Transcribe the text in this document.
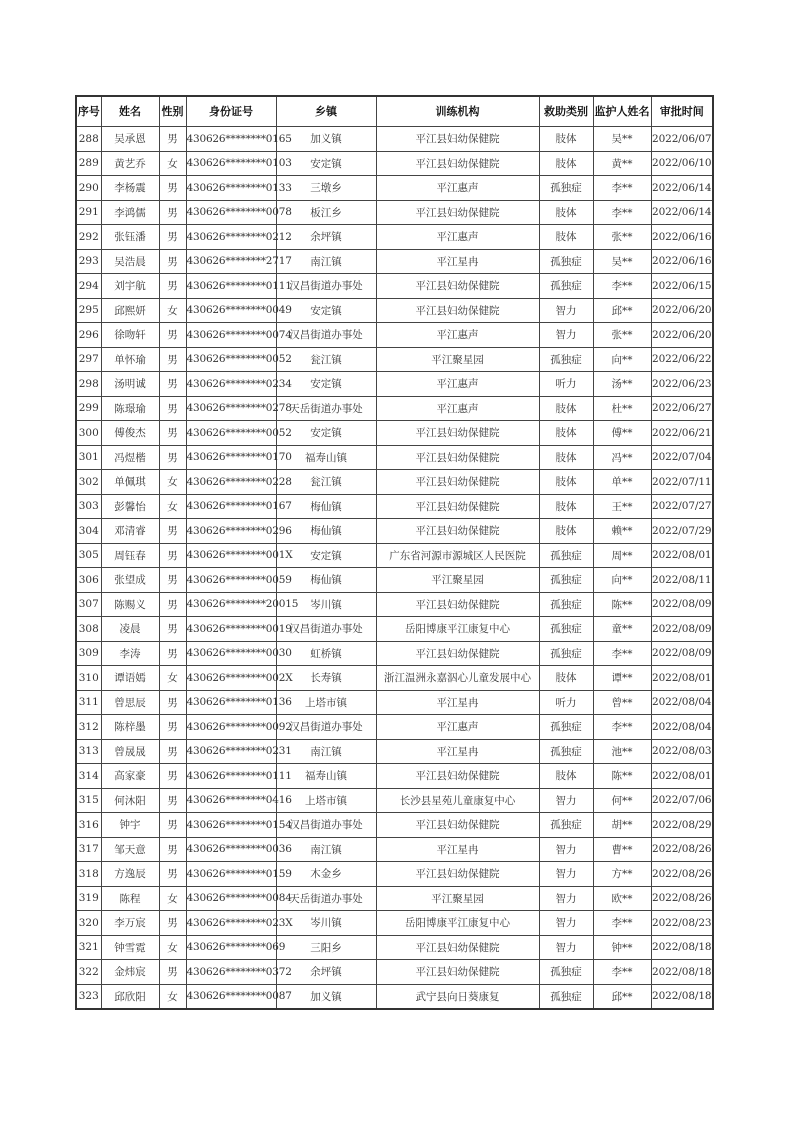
序号	姓名	性别	身份证号	乡镇	训练机构	救助类别	监护人姓名	审批时间
288	吴承恩	男	430626********0165	加义镇	平江县妇幼保健院	肢体	吴**	2022/06/07
289	黄艺乔	女	430626********0103	安定镇	平江县妇幼保健院	肢体	黄**	2022/06/10
290	李杨震	男	430626********0133	三墩乡	平江惠声	孤独症	李**	2022/06/14
291	李鸿儒	男	430626********0078	板江乡	平江县妇幼保健院	肢体	李**	2022/06/14
292	张钰潘	男	430626********0212	余坪镇	平江惠声	肢体	张**	2022/06/16
293	吴浩晨	男	430626********2717	南江镇	平江星冉	孤独症	吴**	2022/06/16
294	刘宇航	男	430626********0111	汉昌街道办事处	平江县妇幼保健院	孤独症	李**	2022/06/15
295	邱熙妍	女	430626********0049	安定镇	平江县妇幼保健院	智力	邱**	2022/06/20
296	徐吻轩	男	430626********0074	汉昌街道办事处	平江惠声	智力	张**	2022/06/20
297	单怀瑜	男	430626********0052	瓮江镇	平江聚星园	孤独症	向**	2022/06/22
298	汤明诚	男	430626********0234	安定镇	平江惠声	听力	汤**	2022/06/23
299	陈璟瑜	男	430626********0278	天岳街道办事处	平江惠声	肢体	杜**	2022/06/27
300	傅俊杰	男	430626********0052	安定镇	平江县妇幼保健院	肢体	傅**	2022/06/21
301	冯煜楷	男	430626********0170	福寿山镇	平江县妇幼保健院	肢体	冯**	2022/07/04
302	单佩琪	女	430626********0228	瓮江镇	平江县妇幼保健院	肢体	单**	2022/07/11
303	彭馨怡	女	430626********0167	梅仙镇	平江县妇幼保健院	肢体	王**	2022/07/27
304	邓清睿	男	430626********0296	梅仙镇	平江县妇幼保健院	肢体	赖**	2022/07/29
305	周钰春	男	430626********001X	安定镇	广东省河源市源城区人民医院	孤独症	周**	2022/08/01
306	张望成	男	430626********0059	梅仙镇	平江聚星园	孤独症	向**	2022/08/11
307	陈赐义	男	430626********20015	岑川镇	平江县妇幼保健院	孤独症	陈**	2022/08/09
308	凌晨	男	430626********0019	汉昌街道办事处	岳阳博康平江康复中心	孤独症	童**	2022/08/09
309	李涛	男	430626********0030	虹桥镇	平江县妇幼保健院	孤独症	李**	2022/08/09
310	谭语嫣	女	430626********002X	长寿镇	浙江温洲永嘉泅心儿童发展中心	肢体	谭**	2022/08/01
311	曾思辰	男	430626********0136	上塔市镇	平江星冉	听力	曾**	2022/08/04
312	陈梓墨	男	430626********0092	汉昌街道办事处	平江惠声	孤独症	李**	2022/08/04
313	曾晟晟	男	430626********0231	南江镇	平江星冉	孤独症	池**	2022/08/03
314	高家豪	男	430626********0111	福寿山镇	平江县妇幼保健院	肢体	陈**	2022/08/01
315	何沐阳	男	430626********0416	上塔市镇	长沙县星苑儿童康复中心	智力	何**	2022/07/06
316	钟宇	男	430626********0154	汉昌街道办事处	平江县妇幼保健院	孤独症	胡**	2022/08/29
317	邹天意	男	430626********0036	南江镇	平江星冉	智力	曹**	2022/08/26
318	方逸辰	男	430626********0159	木金乡	平江县妇幼保健院	智力	方**	2022/08/26
319	陈程	女	430626********0084	天岳街道办事处	平江聚星园	智力	欧**	2022/08/26
320	李万宸	男	430626********023X	岑川镇	岳阳博康平江康复中心	智力	李**	2022/08/23
321	钟雪霓	女	430626********069	三阳乡	平江县妇幼保健院	智力	钟**	2022/08/18
322	金炜宸	男	430626********0372	余坪镇	平江县妇幼保健院	孤独症	李**	2022/08/18
323	邱欣阳	女	430626********0087	加义镇	武宁县向日葵康复	孤独症	邱**	2022/08/18
